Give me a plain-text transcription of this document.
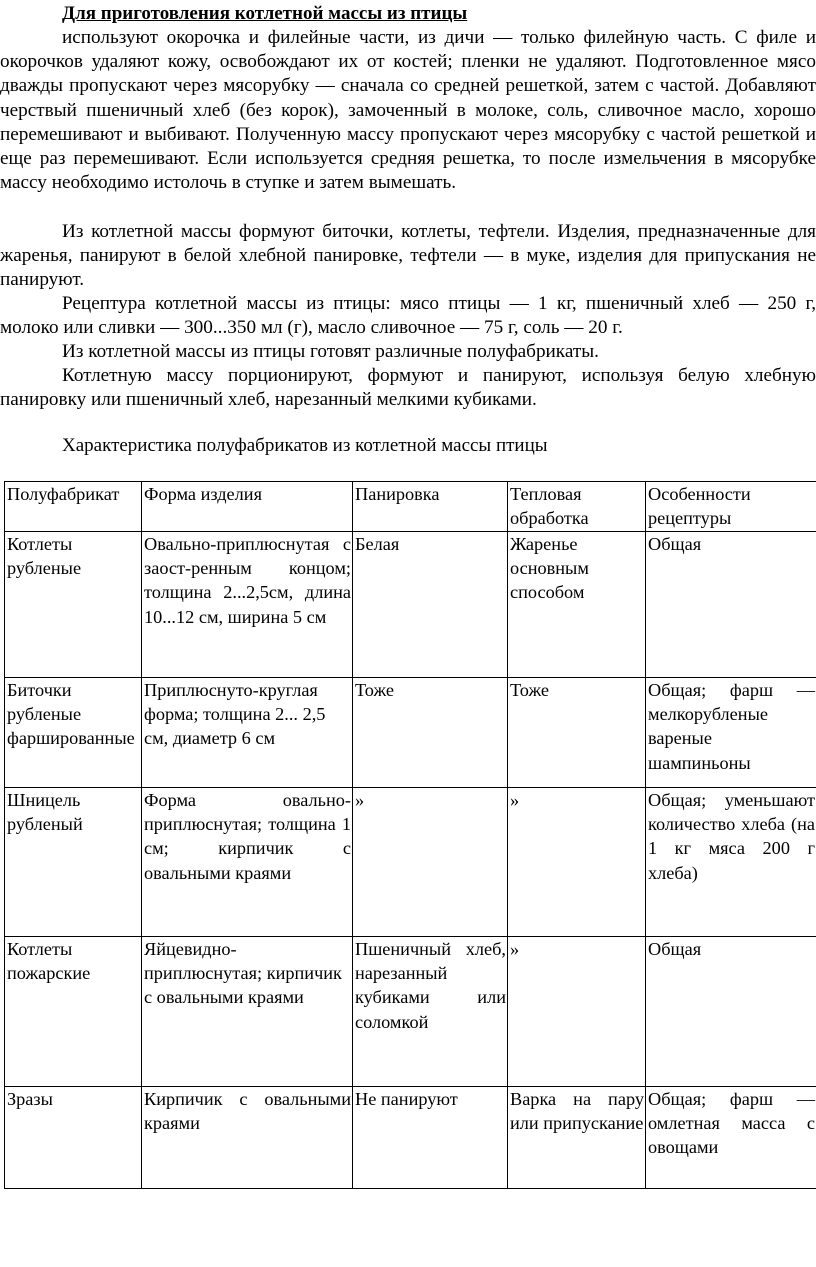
Для приготовления котлетной массы из птицы

используют окорочка и филейные части, из дичи — только филейную часть. С филе и окорочков удаляют кожу, освобождают их от костей; пленки не удаляют. Подготовленное мясо дважды пропускают через мясорубку — сначала со средней решеткой, затем с частой. Добавляют черствый пшеничный хлеб (без корок), замоченный в молоке, соль, сливочное масло, хорошо перемешивают и выбивают. Полученную массу пропускают через мясорубку с частой решеткой и еще раз перемешивают. Если используется средняя решетка, то после измельчения в мясорубке массу необходимо истолочь в ступке и затем вымешать.

Из котлетной массы формуют биточки, котлеты, тефтели. Изделия, предназначенные для жаренья, панируют в белой хлебной панировке, тефтели — в муке, изделия для припускания не панируют.

Рецептура котлетной массы из птицы: мясо птицы — 1 кг, пшеничный хлеб — 250 г, молоко или сливки — 300...350 мл (г), масло сливочное — 75 г, соль — 20 г.

Из котлетной массы из птицы готовят различные полуфабрикаты.

Котлетную массу порционируют, формуют и панируют, используя белую хлебную панировку или пшеничный хлеб, нарезанный мелкими кубиками.

Характеристика полуфабрикатов из котлетной массы птицы

Полуфабрикат	Форма изделия	Панировка	Тепловая обработка	Особенности рецептуры
Котлеты рубленые	Овально-приплюснутая с заост-ренным концом; толщина 2...2,5см, длина 10...12 см, ширина 5 см	Белая	Жаренье основным способом	Общая
Биточки рубленые фаршированные	Приплюснуто-круглая форма; толщина 2... 2,5 см, диаметр 6 см	Тоже	Тоже	Общая; фарш — мелкорубленые вареные шампиньоны
Шницель рубленый	Форма овально-приплюснутая; толщина 1 см; кирпичик с овальными краями	»	»	Общая; уменьшают количество хлеба (на 1 кг мяса 200 г хлеба)
Котлеты пожарские	Яйцевидно-приплюснутая; кирпичик с овальными краями	Пшеничный хлеб, нарезанный кубиками или соломкой	»	Общая
Зразы	Кирпичик с овальными краями	Не панируют	Варка на пару или припускание	Общая; фарш — омлетная масса с овощами
